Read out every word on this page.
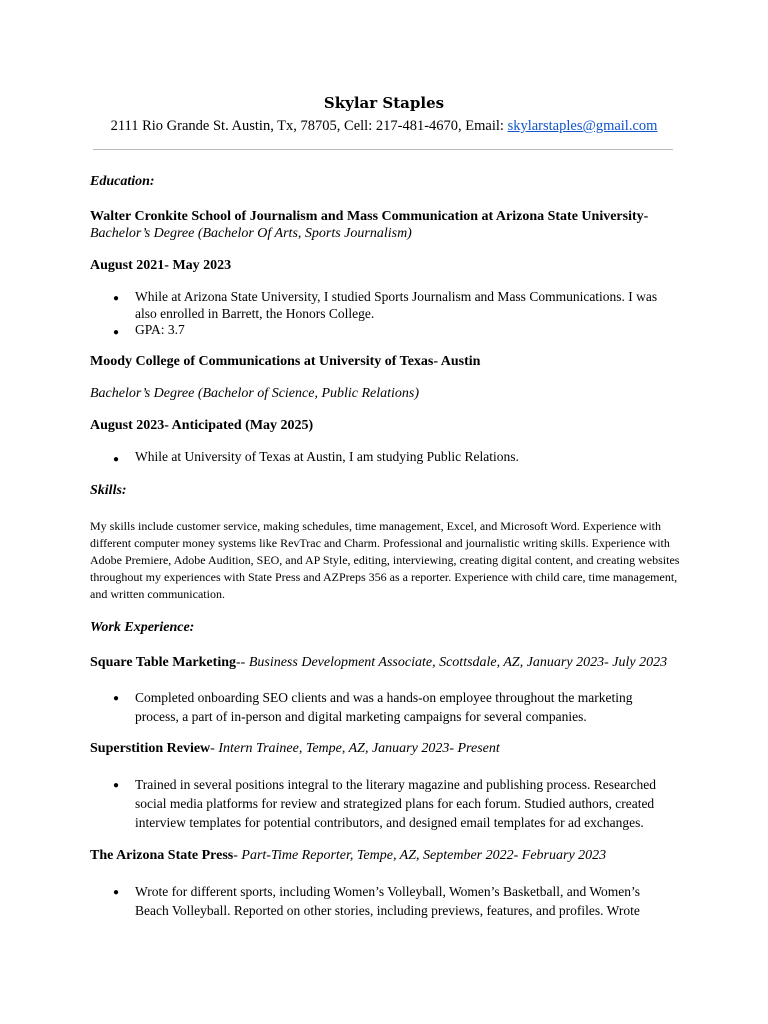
Skylar Staples
2111 Rio Grande St. Austin, Tx, 78705, Cell: 217-481-4670, Email: skylarstaples@gmail.com
Education:
Walter Cronkite School of Journalism and Mass Communication at Arizona State University-
Bachelor’s Degree (Bachelor Of Arts, Sports Journalism)
August 2021- May 2023
● While at Arizona State University, I studied Sports Journalism and Mass Communications. I was also enrolled in Barrett, the Honors College.
● GPA: 3.7
Moody College of Communications at University of Texas- Austin
Bachelor’s Degree (Bachelor of Science, Public Relations)
August 2023- Anticipated (May 2025)
● While at University of Texas at Austin, I am studying Public Relations.
Skills:
My skills include customer service, making schedules, time management, Excel, and Microsoft Word. Experience with different computer money systems like RevTrac and Charm. Professional and journalistic writing skills. Experience with Adobe Premiere, Adobe Audition, SEO, and AP Style, editing, interviewing, creating digital content, and creating websites throughout my experiences with State Press and AZPreps 356 as a reporter. Experience with child care, time management, and written communication.
Work Experience:
Square Table Marketing-- Business Development Associate, Scottsdale, AZ, January 2023- July 2023
● Completed onboarding SEO clients and was a hands-on employee throughout the marketing process, a part of in-person and digital marketing campaigns for several companies.
Superstition Review- Intern Trainee, Tempe, AZ, January 2023- Present
● Trained in several positions integral to the literary magazine and publishing process. Researched social media platforms for review and strategized plans for each forum. Studied authors, created interview templates for potential contributors, and designed email templates for ad exchanges.
The Arizona State Press- Part-Time Reporter, Tempe, AZ, September 2022- February 2023
● Wrote for different sports, including Women’s Volleyball, Women’s Basketball, and Women’s Beach Volleyball. Reported on other stories, including previews, features, and profiles. Wrote
